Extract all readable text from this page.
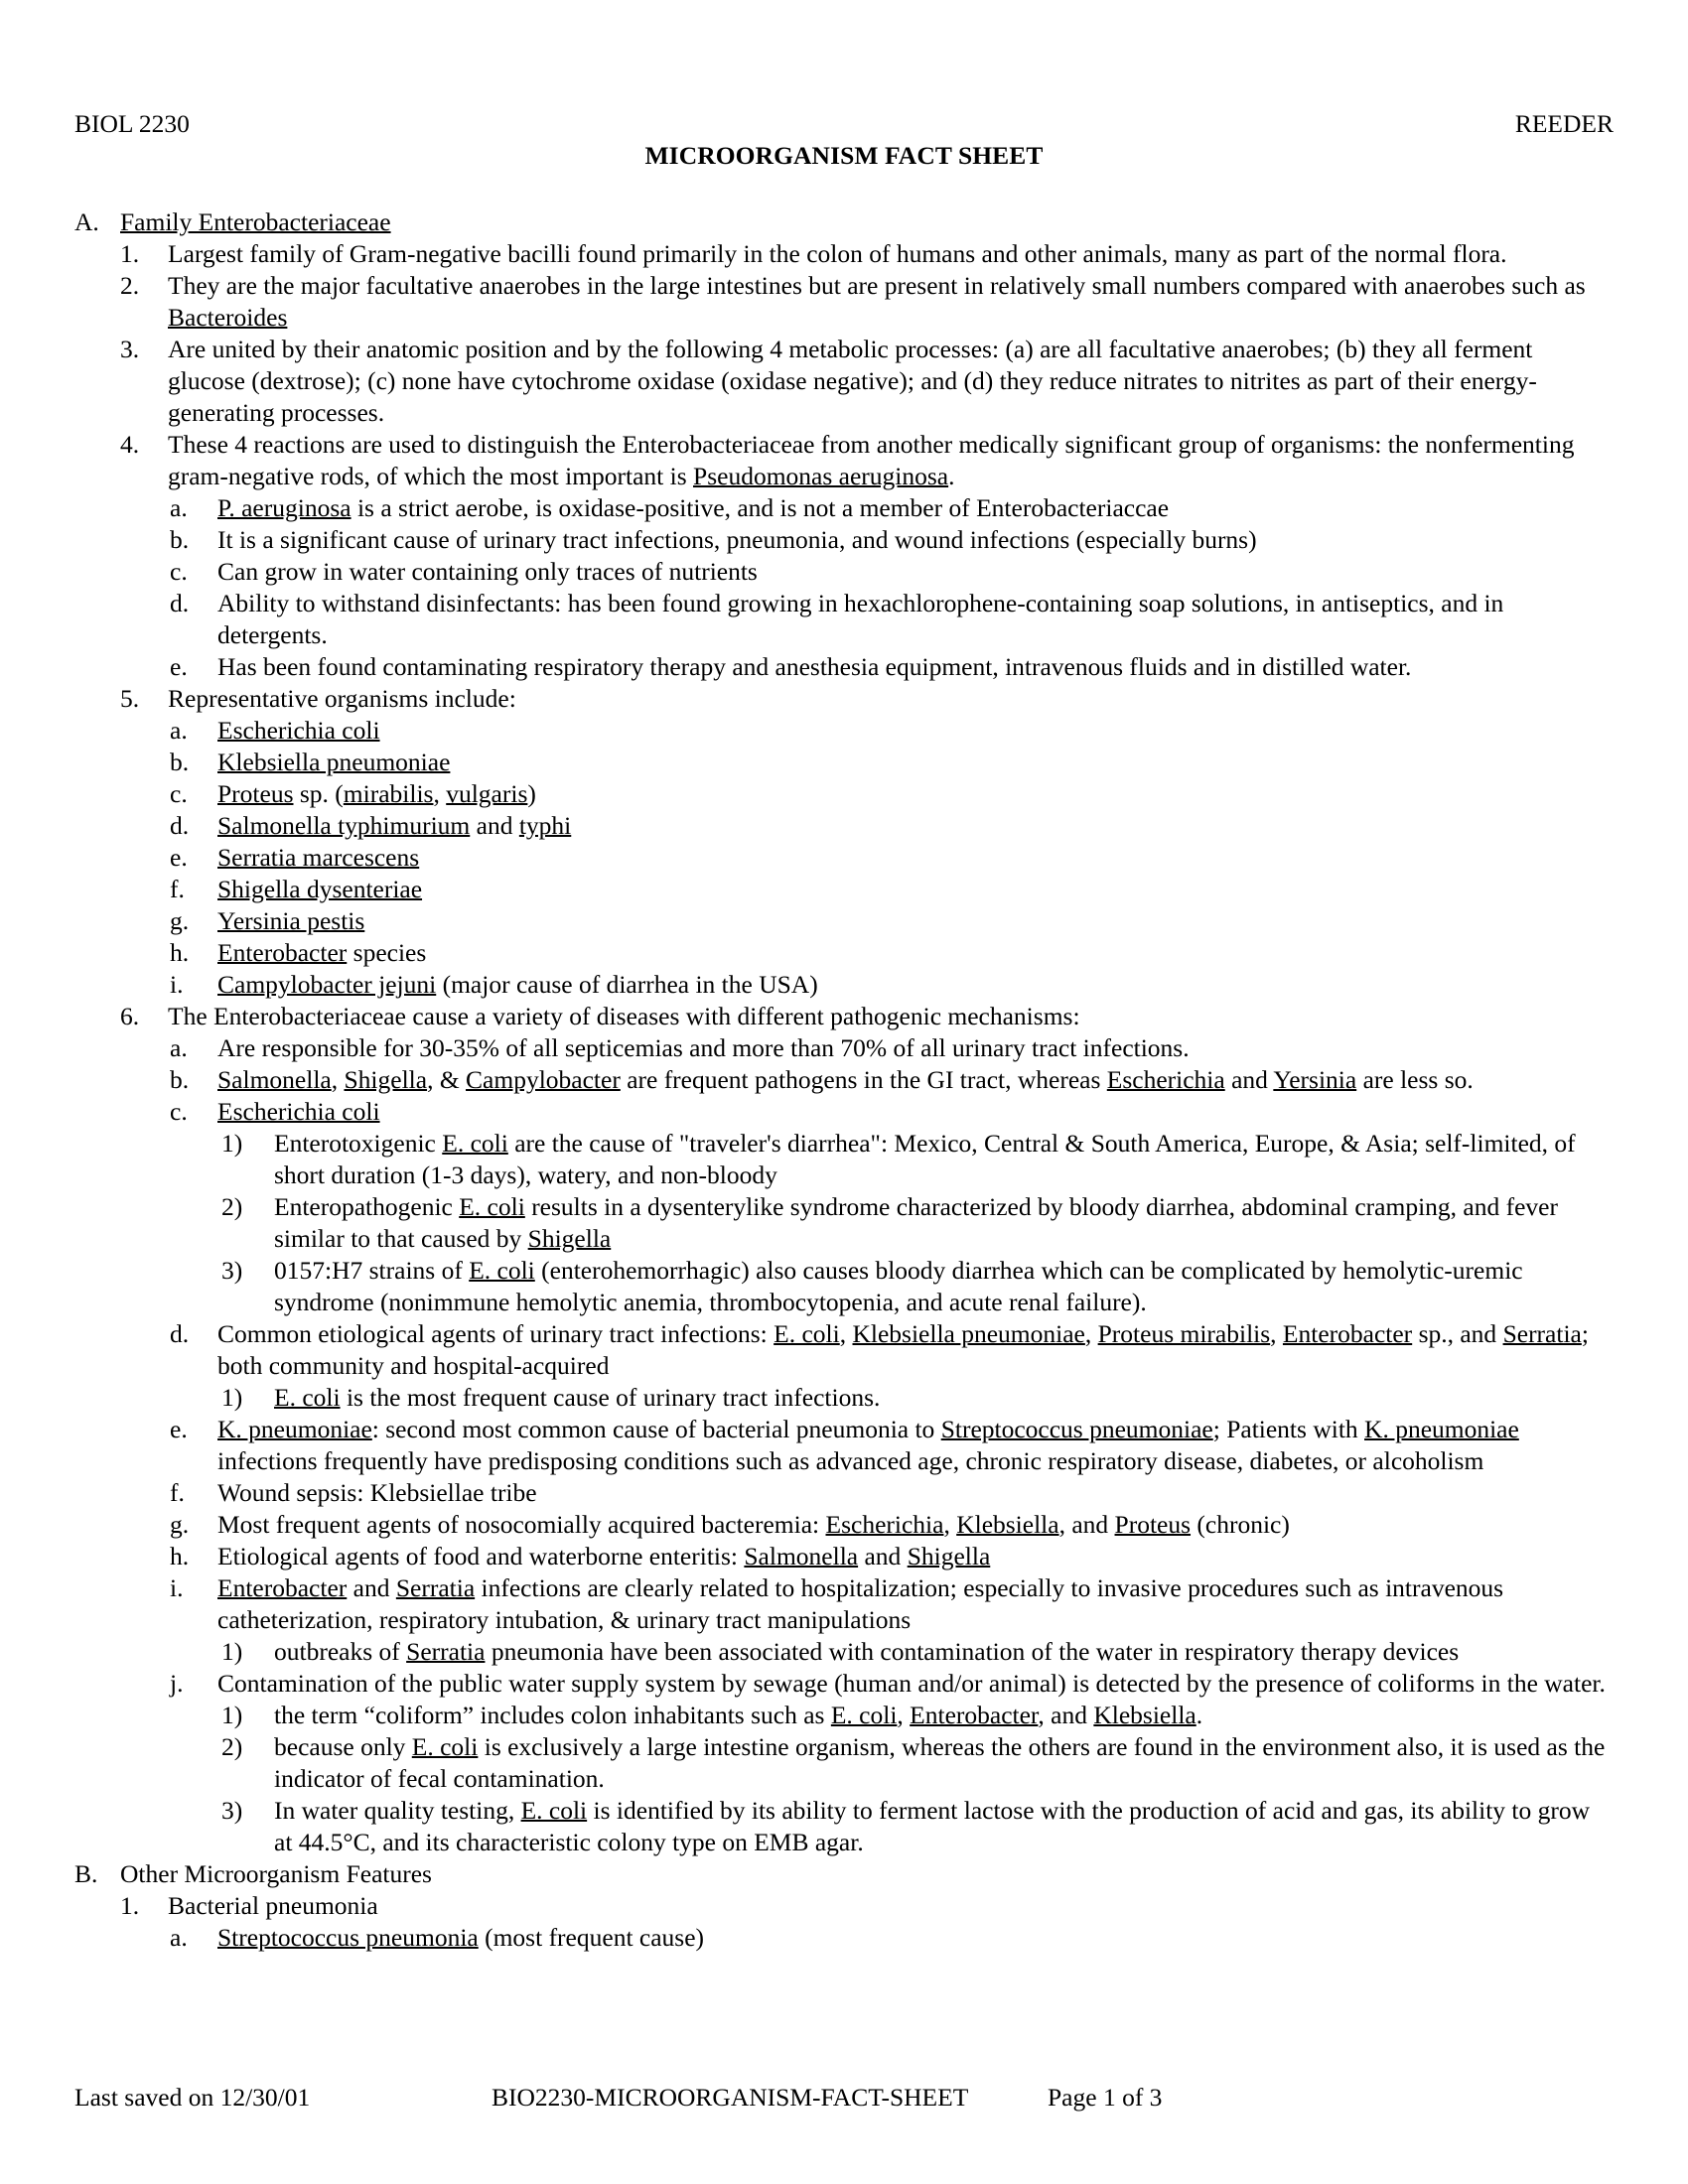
BIOL 2230	REEDER
MICROORGANISM FACT SHEET
A. Family Enterobacteriaceae
1.	Largest family of Gram-negative bacilli found primarily in the colon of humans and other animals, many as part of the normal flora.
2.	They are the major facultative anaerobes in the large intestines but are present in relatively small numbers compared with anaerobes such as Bacteroides
3.	Are united by their anatomic position and by the following 4 metabolic processes: (a) are all facultative anaerobes; (b) they all ferment glucose (dextrose); (c) none have cytochrome oxidase (oxidase negative); and (d) they reduce nitrates to nitrites as part of their energy-generating processes.
4.	These 4 reactions are used to distinguish the Enterobacteriaceae from another medically significant group of organisms: the nonfermenting gram-negative rods, of which the most important is Pseudomonas aeruginosa.
a.	P. aeruginosa is a strict aerobe, is oxidase-positive, and is not a member of Enterobacteriaccae
b.	It is a significant cause of urinary tract infections, pneumonia, and wound infections (especially burns)
c.	Can grow in water containing only traces of nutrients
d.	Ability to withstand disinfectants: has been found growing in hexachlorophene-containing soap solutions, in antiseptics, and in detergents.
e.	Has been found contaminating respiratory therapy and anesthesia equipment, intravenous fluids and in distilled water.
5.	Representative organisms include:
a.	Escherichia coli
b.	Klebsiella pneumoniae
c.	Proteus sp. (mirabilis, vulgaris)
d.	Salmonella typhimurium and typhi
e.	Serratia marcescens
f.	Shigella dysenteriae
g.	Yersinia pestis
h.	Enterobacter species
i.	Campylobacter jejuni (major cause of diarrhea in the USA)
6.	The Enterobacteriaceae cause a variety of diseases with different pathogenic mechanisms:
a.	Are responsible for 30-35% of all septicemias and more than 70% of all urinary tract infections.
b.	Salmonella, Shigella, & Campylobacter are frequent pathogens in the GI tract, whereas Escherichia and Yersinia are less so.
c.	Escherichia coli
1)	Enterotoxigenic E. coli are the cause of "traveler's diarrhea": Mexico, Central & South America, Europe, & Asia; self-limited, of short duration (1-3 days), watery, and non-bloody
2)	Enteropathogenic E. coli results in a dysenterylike syndrome characterized by bloody diarrhea, abdominal cramping, and fever similar to that caused by Shigella
3)	0157:H7 strains of E. coli (enterohemorrhagic) also causes bloody diarrhea which can be complicated by hemolytic-uremic syndrome (nonimmune hemolytic anemia, thrombocytopenia, and acute renal failure).
d.	Common etiological agents of urinary tract infections: E. coli, Klebsiella pneumoniae, Proteus mirabilis, Enterobacter sp., and Serratia; both community and hospital-acquired
1)	E. coli is the most frequent cause of urinary tract infections.
e.	K. pneumoniae: second most common cause of bacterial pneumonia to Streptococcus pneumoniae; Patients with K. pneumoniae infections frequently have predisposing conditions such as advanced age, chronic respiratory disease, diabetes, or alcoholism
f.	Wound sepsis: Klebsiellae tribe
g.	Most frequent agents of nosocomially acquired bacteremia: Escherichia, Klebsiella, and Proteus (chronic)
h.	Etiological agents of food and waterborne enteritis: Salmonella and Shigella
i.	Enterobacter and Serratia infections are clearly related to hospitalization; especially to invasive procedures such as intravenous catheterization, respiratory intubation, & urinary tract manipulations
1)	outbreaks of Serratia pneumonia have been associated with contamination of the water in respiratory therapy devices
j.	Contamination of the public water supply system by sewage (human and/or animal) is detected by the presence of coliforms in the water.
1)	the term “coliform” includes colon inhabitants such as E. coli, Enterobacter, and Klebsiella.
2)	because only E. coli is exclusively a large intestine organism, whereas the others are found in the environment also, it is used as the indicator of fecal contamination.
3)	In water quality testing, E. coli is identified by its ability to ferment lactose with the production of acid and gas, its ability to grow at 44.5°C, and its characteristic colony type on EMB agar.
B. Other Microorganism Features
1.	Bacterial pneumonia
a.	Streptococcus pneumonia (most frequent cause)
Last saved on 12/30/01	BIO2230-MICROORGANISM-FACT-SHEET	Page 1 of 3
